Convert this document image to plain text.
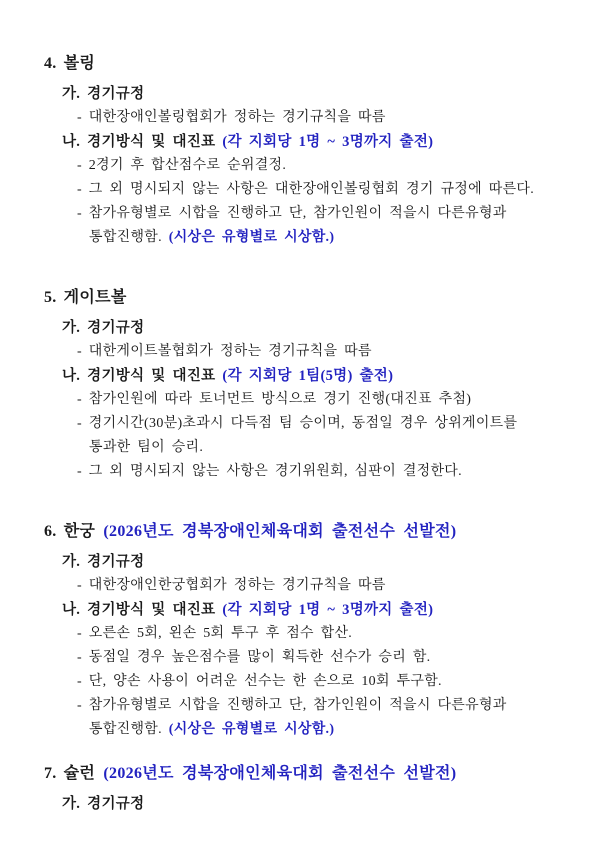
4. 볼링
가. 경기규정
- 대한장애인볼링협회가 정하는 경기규칙을 따름
나. 경기방식 및 대진표 (각 지회당 1명 ~ 3명까지 출전)
- 2경기 후 합산점수로 순위결정.
- 그 외 명시되지 않는 사항은 대한장애인볼링협회 경기 규정에 따른다.
- 참가유형별로 시합을 진행하고 단, 참가인원이 적을시 다른유형과
통합진행함. (시상은 유형별로 시상함.)
5. 게이트볼
가. 경기규정
- 대한게이트볼협회가 정하는 경기규칙을 따름
나. 경기방식 및 대진표 (각 지회당 1팀(5명) 출전)
- 참가인원에 따라 토너먼트 방식으로 경기 진행(대진표 추첨)
- 경기시간(30분)초과시 다득점 팀 승이며, 동점일 경우 상위게이트를
통과한 팀이 승리.
- 그 외 명시되지 않는 사항은 경기위원회, 심판이 결정한다.
6. 한궁 (2026년도 경북장애인체육대회 출전선수 선발전)
가. 경기규정
- 대한장애인한궁협회가 정하는 경기규칙을 따름
나. 경기방식 및 대진표 (각 지회당 1명 ~ 3명까지 출전)
- 오른손 5회, 왼손 5회 투구 후 점수 합산.
- 동점일 경우 높은점수를 많이 획득한 선수가 승리 함.
- 단, 양손 사용이 어려운 선수는 한 손으로 10회 투구함.
- 참가유형별로 시합을 진행하고 단, 참가인원이 적을시 다른유형과
통합진행함. (시상은 유형별로 시상함.)
7. 슐런 (2026년도 경북장애인체육대회 출전선수 선발전)
가. 경기규정
